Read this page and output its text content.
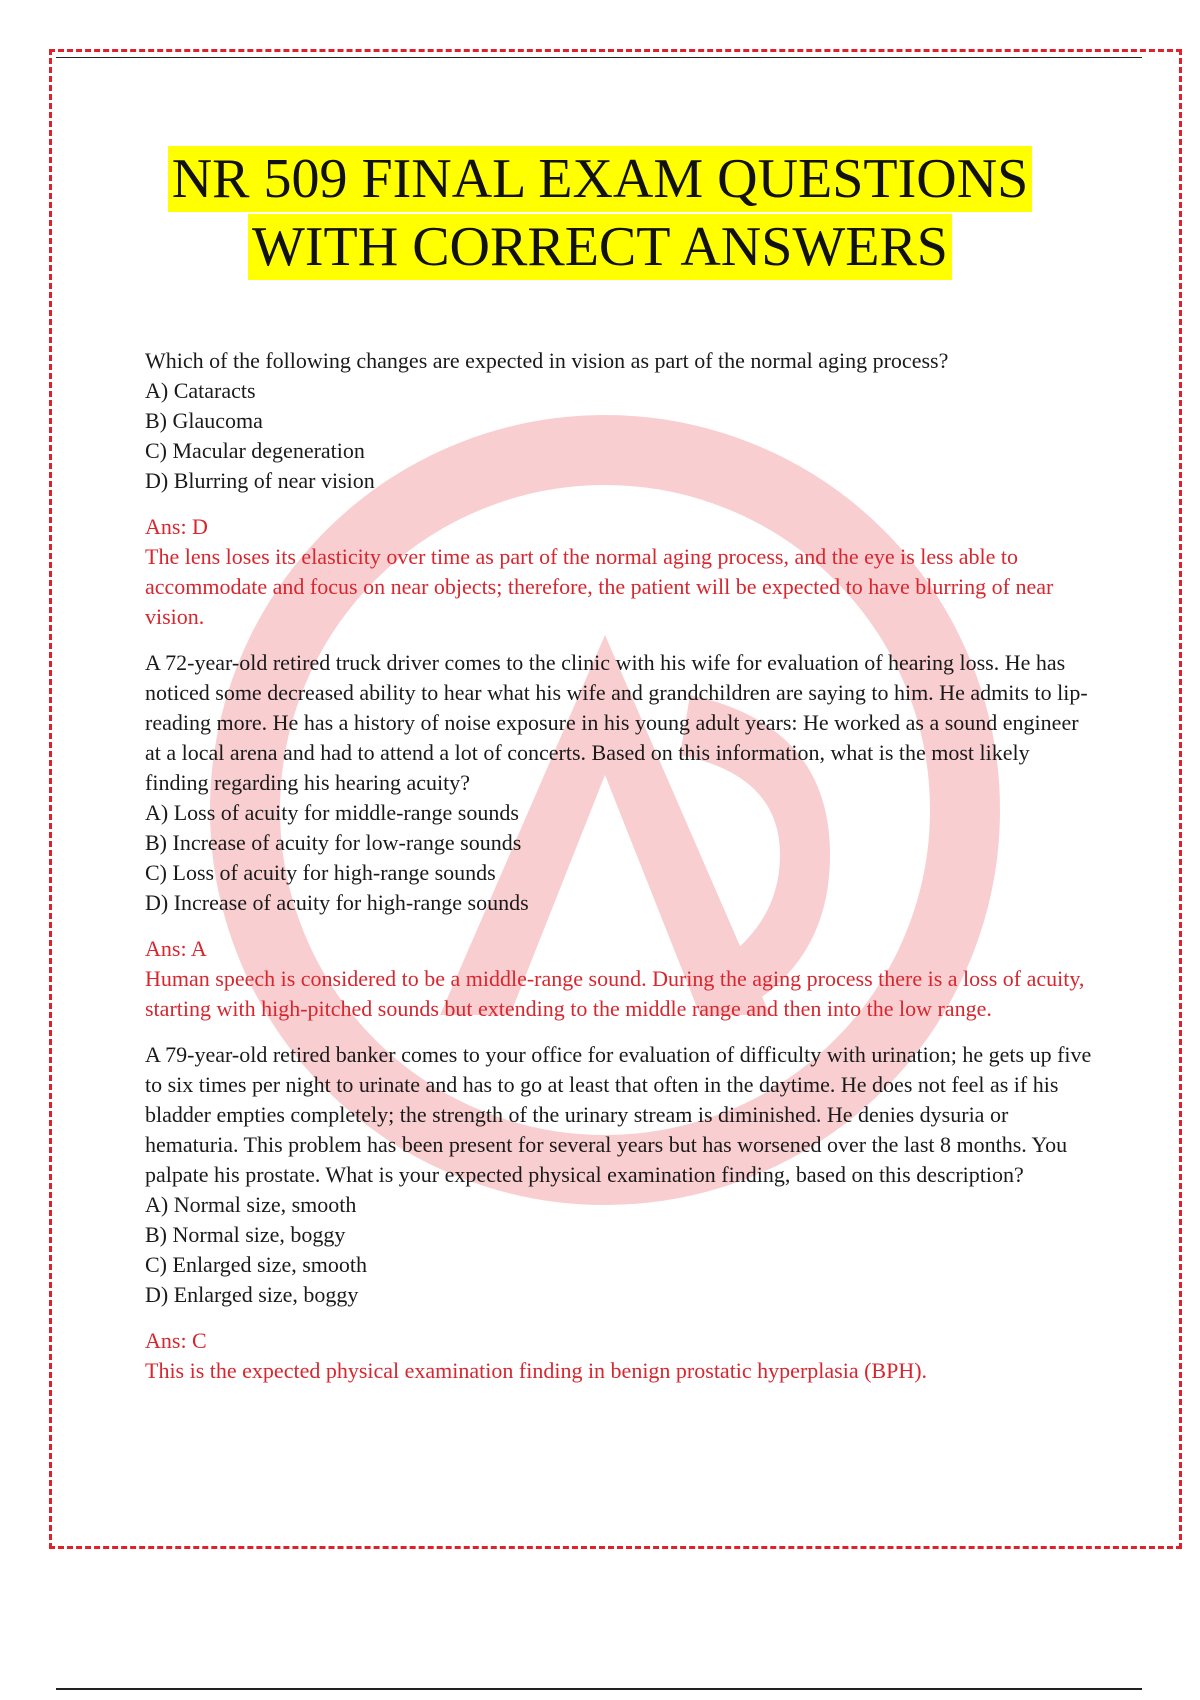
NR 509 FINAL EXAM QUESTIONS
WITH CORRECT ANSWERS

Which of the following changes are expected in vision as part of the normal aging process?

A) Cataracts

B) Glaucoma

C) Macular degeneration

D) Blurring of near vision

Ans: D

The lens loses its elasticity over time as part of the normal aging process, and the eye is less able to accommodate and focus on near objects; therefore, the patient will be expected to have blurring of near vision.

A 72-year-old retired truck driver comes to the clinic with his wife for evaluation of hearing loss. He has noticed some decreased ability to hear what his wife and grandchildren are saying to him. He admits to lip-reading more. He has a history of noise exposure in his young adult years: He worked as a sound engineer at a local arena and had to attend a lot of concerts. Based on this information, what is the most likely finding regarding his hearing acuity?

A) Loss of acuity for middle-range sounds

B) Increase of acuity for low-range sounds

C) Loss of acuity for high-range sounds

D) Increase of acuity for high-range sounds

Ans: A

Human speech is considered to be a middle-range sound. During the aging process there is a loss of acuity, starting with high-pitched sounds but extending to the middle range and then into the low range.

A 79-year-old retired banker comes to your office for evaluation of difficulty with urination; he gets up five to six times per night to urinate and has to go at least that often in the daytime. He does not feel as if his bladder empties completely; the strength of the urinary stream is diminished. He denies dysuria or hematuria. This problem has been present for several years but has worsened over the last 8 months. You palpate his prostate. What is your expected physical examination finding, based on this description?

A) Normal size, smooth

B) Normal size, boggy

C) Enlarged size, smooth

D) Enlarged size, boggy

Ans: C

This is the expected physical examination finding in benign prostatic hyperplasia (BPH).
